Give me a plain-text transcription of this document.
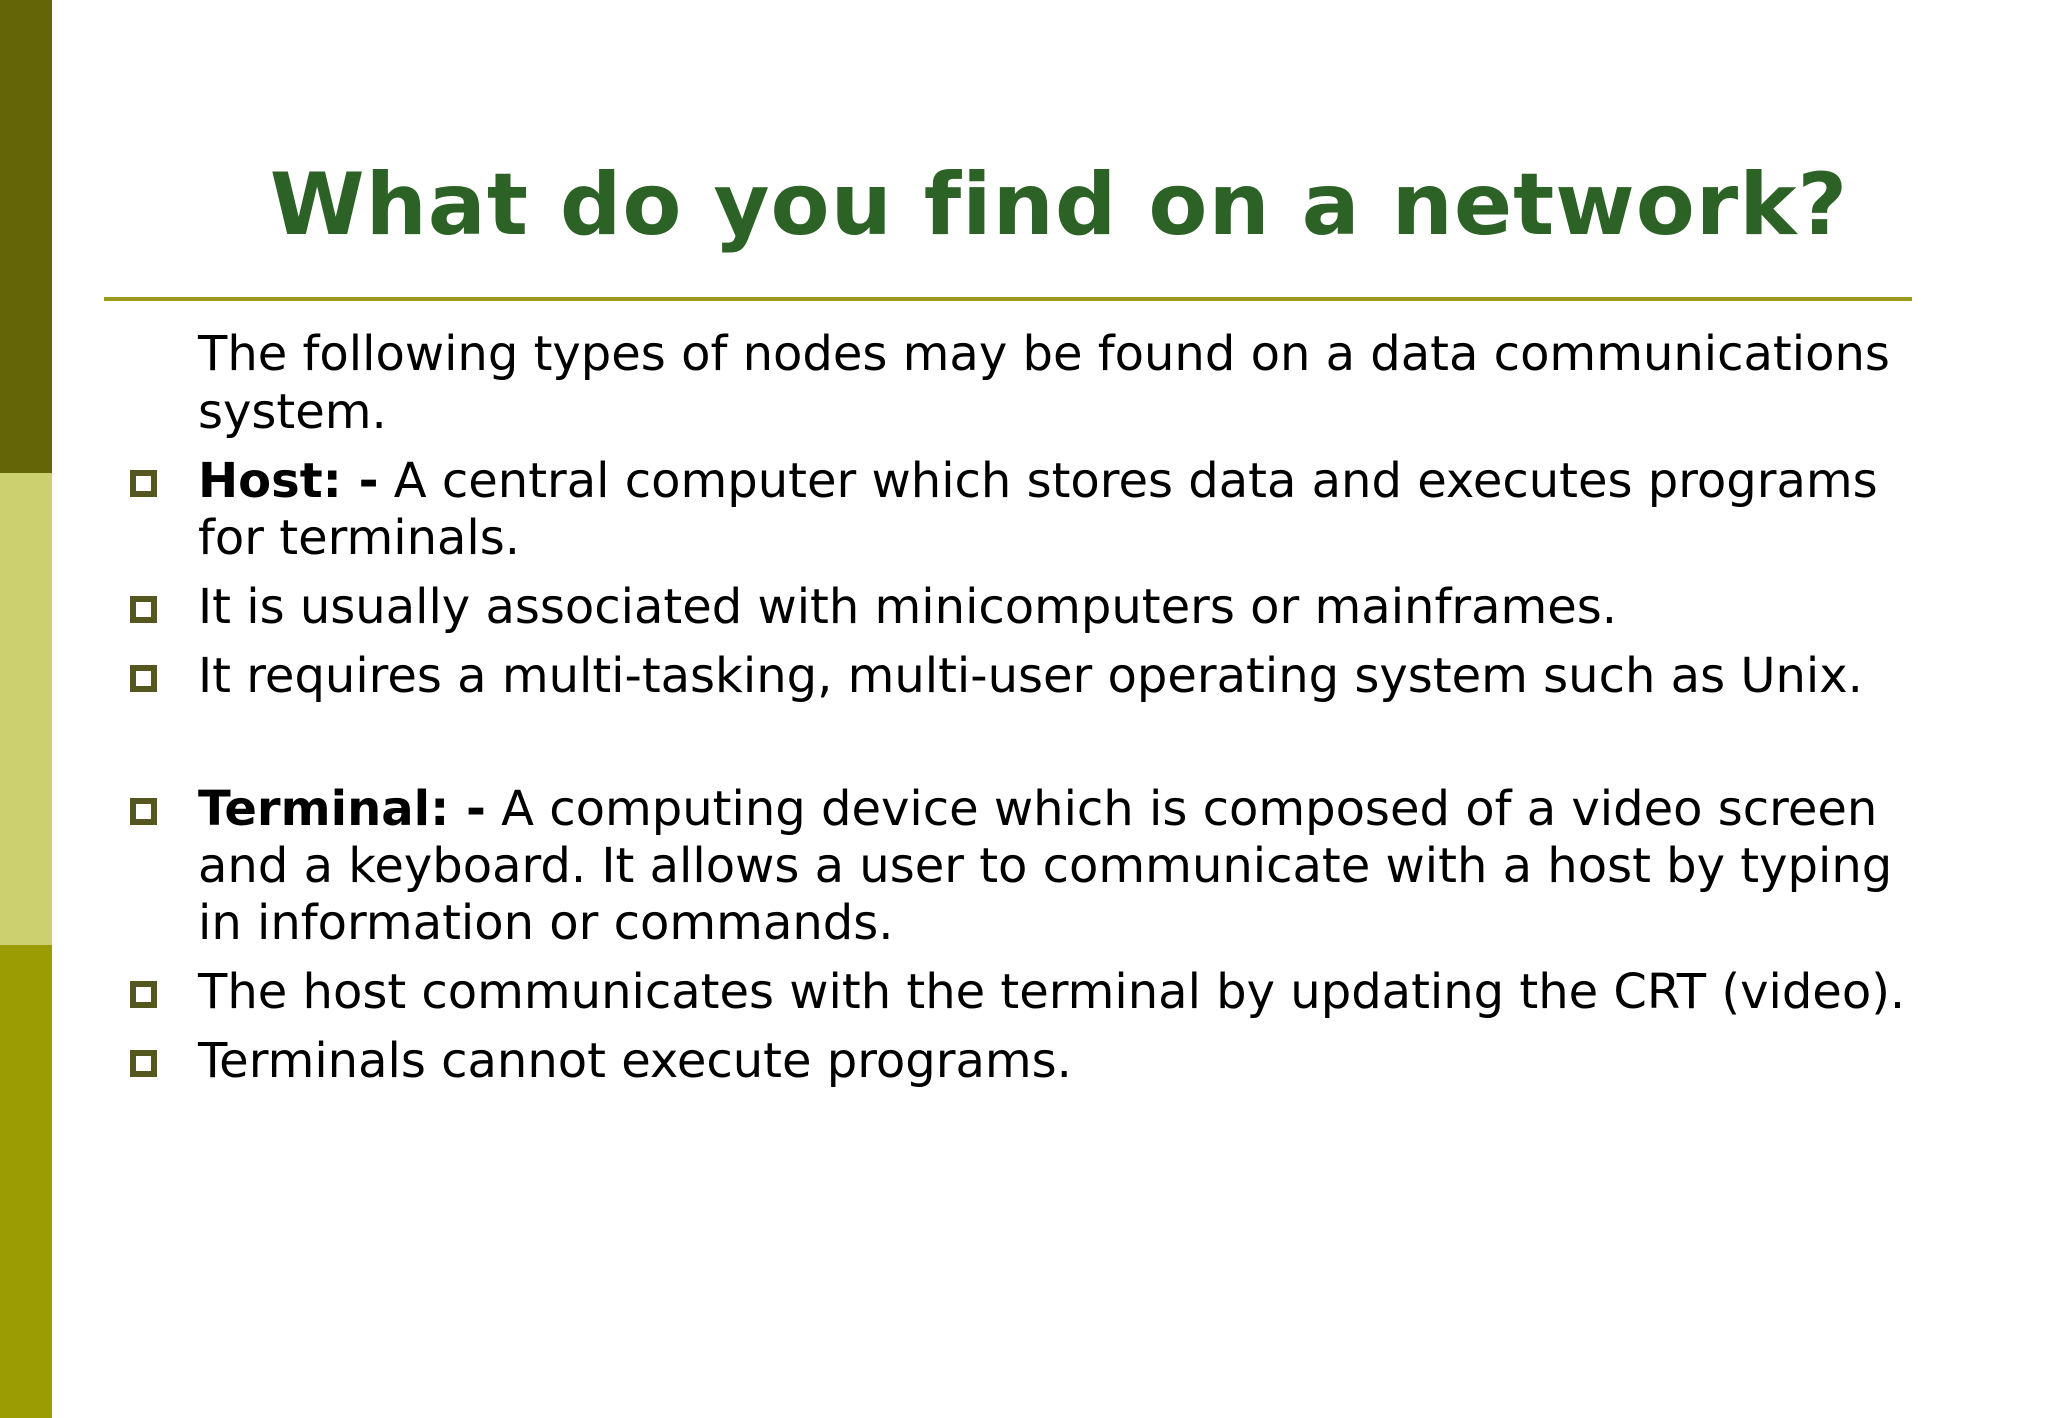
What do you find on a network?

The following types of nodes may be found on a data communications system.

Host: - A central computer which stores data and executes programs for terminals.
It is usually associated with minicomputers or mainframes.
It requires a multi-tasking, multi-user operating system such as Unix.
Terminal: - A computing device which is composed of a video screen and a keyboard. It allows a user to communicate with a host by typing in information or commands.
The host communicates with the terminal by updating the CRT (video).
Terminals cannot execute programs.
